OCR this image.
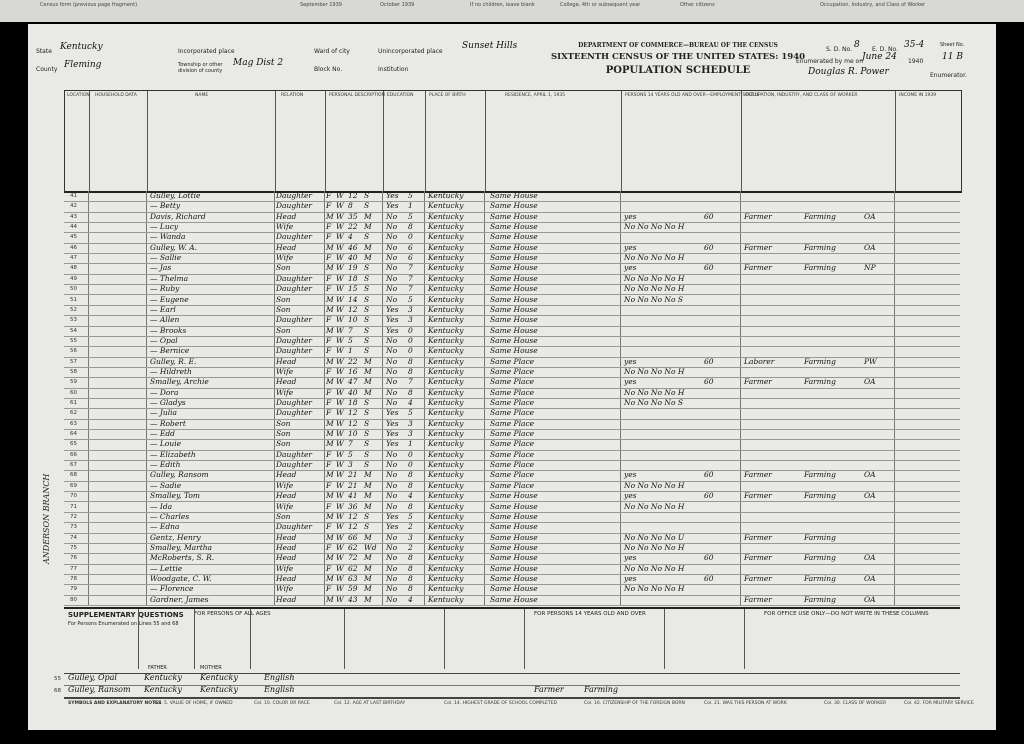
Census form (previous page fragment)	September 1939	October 1939	If no children, leave blank	College, 4th or subsequent year	Other citizens	Occupation, Industry, and Class of Worker
State Kentucky
County Fleming
Incorporated place
Township or other division of county
Mag Dist 2
Ward of city
Block No.
Unincorporated place
Sunset Hills
Institution
DEPARTMENT OF COMMERCE—BUREAU OF THE CENSUS
SIXTEENTH CENSUS OF THE UNITED STATES: 1940
POPULATION SCHEDULE
S. D. No. 8 E. D. No. 35-4	Sheet No.
11 B
Enumerated by me on
June 24 1940
Douglas R. Power	Enumerator.
LOCATION HOUSEHOLD DATA	NAME	RELATION	PERSONAL DESCRIPTION EDUCATION	PLACE OF BIRTH	RESIDENCE, APRIL 1, 1935	PERSONS 14 YEARS OLD AND OVER—EMPLOYMENT STATUS
OCCUPATION, INDUSTRY, AND CLASS OF WORKER	INCOME IN 1939
41	Gulley, Lottie	Daughter F W 12 S Yes 5 Kentucky	Same House
42	— Betty	Daughter F W 8 S Yes 1 Kentucky	Same House
43	Davis, Richard	Head	M W 35 M No 5 Kentucky	Same House	yes	60	Farmer	Farming	OA
44	— Lucy	Wife	F W 22 M No 8 Kentucky	Same House	No No No No H
45	— Wanda	Daughter F W 4 S No 0 Kentucky	Same House
46	Gulley, W. A.	Head	M W 46 M No 6 Kentucky	Same House	yes	60	Farmer	Farming	OA
47	— Sallie	Wife	F W 40 M No 6 Kentucky	Same House	No No No No H
48	— Jas	Son	M W 19 S No 7 Kentucky	Same House	yes	60	Farmer	Farming	NP
49	— Thelma	Daughter F W 18 S No 7 Kentucky	Same House	No No No No H
50	— Ruby	Daughter F W 15 S No 7 Kentucky	Same House	No No No No H
51	— Eugene	Son	M W 14 S No 5 Kentucky	Same House	No No No No S
52	— Earl	Son	M W 12 S Yes 3 Kentucky	Same House
53	— Allen	Daughter F W 10 S Yes 3 Kentucky	Same House
54	— Brooks	Son	M W 7 S Yes 0 Kentucky	Same House
55	— Opal	Daughter F W 5 S No 0 Kentucky	Same House
56	— Bernice	Daughter F W 1 S No 0 Kentucky	Same House
57	Gulley, R. E.	Head	M W 22 M No 8 Kentucky	Same Place	yes	60	Laborer	Farming	PW
58	— Hildreth	Wife	F W 16 M No 8 Kentucky	Same Place	No No No No H
59	Smalley, Archie	Head	M W 47 M No 7 Kentucky	Same Place	yes	60	Farmer	Farming	OA
60	— Dora	Wife	F W 40 M No 8 Kentucky	Same Place	No No No No H
61	— Gladys	Daughter F W 18 S No 4 Kentucky	Same Place	No No No No S
62	— Julia	Daughter F W 12 S Yes 5 Kentucky	Same Place
63	— Robert	Son	M W 12 S Yes 3 Kentucky	Same Place
64	— Edd	Son	M W 10 S Yes 3 Kentucky	Same Place
65	— Louie	Son	M W 7 S Yes 1 Kentucky	Same Place
66	— Elizabeth	Daughter F W 5 S No 0 Kentucky	Same Place
67	— Edith	Daughter F W 3 S No 0 Kentucky	Same Place
68	Gulley, Ransom	Head	M W 21 M No 8 Kentucky	Same Place	yes	60	Farmer	Farming	OA
69	— Sadie	Wife	F W 21 M No 8 Kentucky	Same Place	No No No No H
70	Smalley, Tom	Head	M W 41 M No 4 Kentucky	Same House	yes	60	Farmer	Farming	OA
71	— Ida	Wife	F W 36 M No 8 Kentucky	Same House	No No No No H
72	— Charles	Son	M W 12 S Yes 5 Kentucky	Same House
73	— Edna	Daughter F W 12 S Yes 2 Kentucky	Same House
74	Gentz, Henry	Head	M W 66 M No 3 Kentucky	Same House	No No No No U	Farmer	Farming
75	Smalley, Martha	Head	F W 62 Wd No 2 Kentucky	Same House	No No No No H
76	McRoberts, S. R.	Head	M W 72 M No 8 Kentucky	Same House	yes	60	Farmer	Farming	OA
77	— Lettie	Wife	F W 62 M No 8 Kentucky	Same House	No No No No H
78	Woodgate, C. W.	Head	M W 63 M No 8 Kentucky	Same House	yes	60	Farmer	Farming	OA
79	— Florence	Wife	F W 59 M No 8 Kentucky	Same House	No No No No H
80	Gardner, James	Head	M W 43 M No 4 Kentucky	Same House	Farmer	Farming	OA
ANDERSON BRANCH
SUPPLEMENTARY QUESTIONS
For Persons Enumerated on Lines 55 and 68
FOR PERSONS OF ALL AGES	FOR PERSONS 14 YEARS OLD AND OVER	FOR OFFICE USE ONLY—DO NOT WRITE IN THESE COLUMNS
FATHER	MOTHER
55 Gulley, Opal	Kentucky Kentucky	English
68 Gulley, Ransom Kentucky Kentucky	English	Farmer	Farming
SYMBOLS AND EXPLANATORY NOTES
Col. 5. VALUE OF HOME, IF OWNED	Col. 10. COLOR OR RACE	Col. 12. AGE AT LAST BIRTHDAY	Col. 14. HIGHEST GRADE OF SCHOOL COMPLETED	Col. 16. CITIZENSHIP OF THE FOREIGN BORN	Col. 21. WAS THIS PERSON AT WORK	Col. 30. CLASS OF WORKER	Col. 42. FOR MILITARY SERVICE
